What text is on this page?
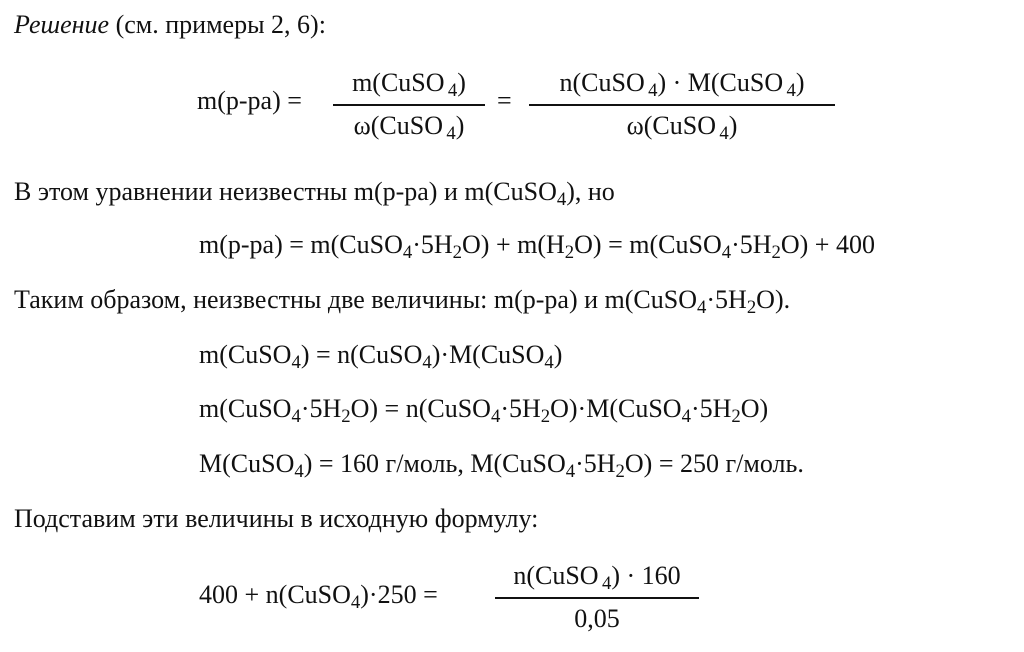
Решение (см. примеры 2, 6):
m(р-ра) =
m(CuSO $_4$)
ω(CuSO $_4$)
=
n(CuSO $_4$) · M(CuSO $_4$)
ω(CuSO $_4$)
В этом уравнении неизвестны m(р-ра) и m(CuSO$_4$), но
$m(р-ра) = m(CuSO_4\cdot 5H_2O) + m(H_2O)$ = $m(CuSO_4\cdot 5H_2O) + 400$
Таким образом, неизвестны две величины: m(р-ра) и $m(CuSO_4\cdot 5H_2O)$.
m(CuSO$_4$) = n(CuSO$_4$)·M(CuSO$_4$)
$m(CuSO_4\cdot 5H_2O)$ = $n(CuSO_4\cdot 5H_2O)\cdot M(CuSO_4\cdot 5H_2O)$
M(CuSO$_4$) = 160 г/моль, $M(CuSO_4\cdot 5H_2O) = 250$ г/моль.
Подставим эти величины в исходную формулу:
400 + n(CuSO$_4$)·250 =
n(CuSO $_4$) · 160
0,05
